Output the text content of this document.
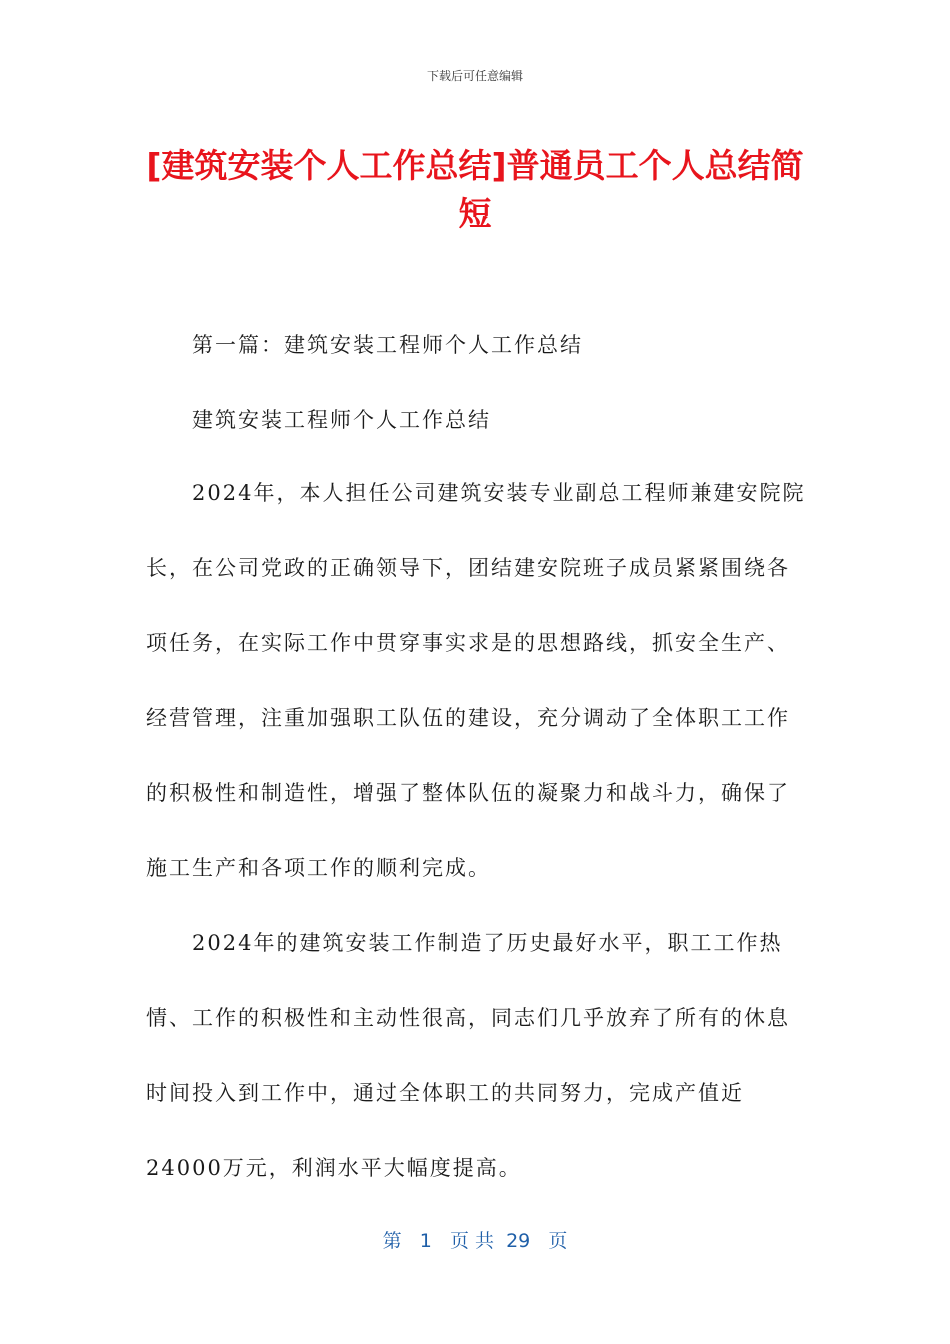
下载后可任意编辑
[建筑安装个人工作总结]普通员工个人总结简短

第一篇：建筑安装工程师个人工作总结

建筑安装工程师个人工作总结

2024年，本人担任公司建筑安装专业副总工程师兼建安院院长，在公司党政的正确领导下，团结建安院班子成员紧紧围绕各项任务，在实际工作中贯穿事实求是的思想路线，抓安全生产、经营管理，注重加强职工队伍的建设，充分调动了全体职工工作的积极性和制造性，增强了整体队伍的凝聚力和战斗力，确保了施工生产和各项工作的顺利完成。

2024年的建筑安装工作制造了历史最好水平，职工工作热情、工作的积极性和主动性很高，同志们几乎放弃了所有的休息时间投入到工作中，通过全体职工的共同努力，完成产值近24000万元，利润水平大幅度提高。

第 1 页 共 29 页
